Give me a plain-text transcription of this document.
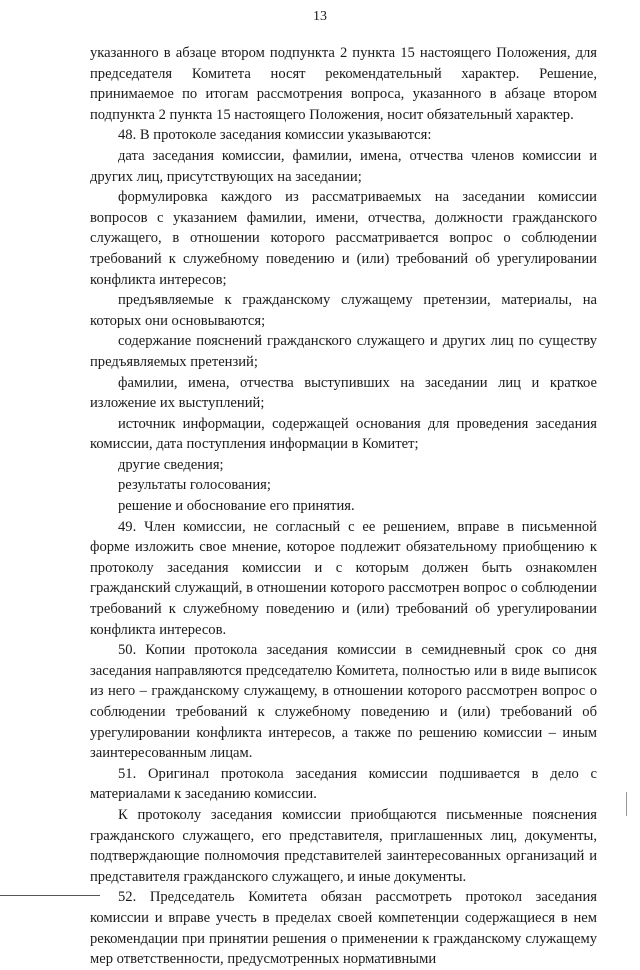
13

указанного в абзаце втором подпункта 2 пункта 15 настоящего Положения, для председателя Комитета носят рекомендательный характер. Решение, принимаемое по итогам рассмотрения вопроса, указанного в абзаце втором подпункта 2 пункта 15 настоящего Положения, носит обязательный характер.

48. В протоколе заседания комиссии указываются:

дата заседания комиссии, фамилии, имена, отчества членов комиссии и других лиц, присутствующих на заседании;

формулировка каждого из рассматриваемых на заседании комиссии вопросов с указанием фамилии, имени, отчества, должности гражданского служащего, в отношении которого рассматривается вопрос о соблюдении требований к служебному поведению и (или) требований об урегулировании конфликта интересов;

предъявляемые к гражданскому служащему претензии, материалы, на которых они основываются;

содержание пояснений гражданского служащего и других лиц по существу предъявляемых претензий;

фамилии, имена, отчества выступивших на заседании лиц и краткое изложение их выступлений;

источник информации, содержащей основания для проведения заседания комиссии, дата поступления информации в Комитет;

другие сведения;

результаты голосования;

решение и обоснование его принятия.

49. Член комиссии, не согласный с ее решением, вправе в письменной форме изложить свое мнение, которое подлежит обязательному приобщению к протоколу заседания комиссии и с которым должен быть ознакомлен гражданский служащий, в отношении которого рассмотрен вопрос о соблюдении требований к служебному поведению и (или) требований об урегулировании конфликта интересов.

50. Копии протокола заседания комиссии в семидневный срок со дня заседания направляются председателю Комитета, полностью или в виде выписок из него – гражданскому служащему, в отношении которого рассмотрен вопрос о соблюдении требований к служебному поведению и (или) требований об урегулировании конфликта интересов, а также по решению комиссии – иным заинтересованным лицам.

51. Оригинал протокола заседания комиссии подшивается в дело с материалами к заседанию комиссии.

К протоколу заседания комиссии приобщаются письменные пояснения гражданского служащего, его представителя, приглашенных лиц, документы, подтверждающие полномочия представителей заинтересованных организаций и представителя гражданского служащего, и иные документы.

52. Председатель Комитета обязан рассмотреть протокол заседания комиссии и вправе учесть в пределах своей компетенции содержащиеся в нем рекомендации при принятии решения о применении к гражданскому служащему мер ответственности, предусмотренных нормативными
